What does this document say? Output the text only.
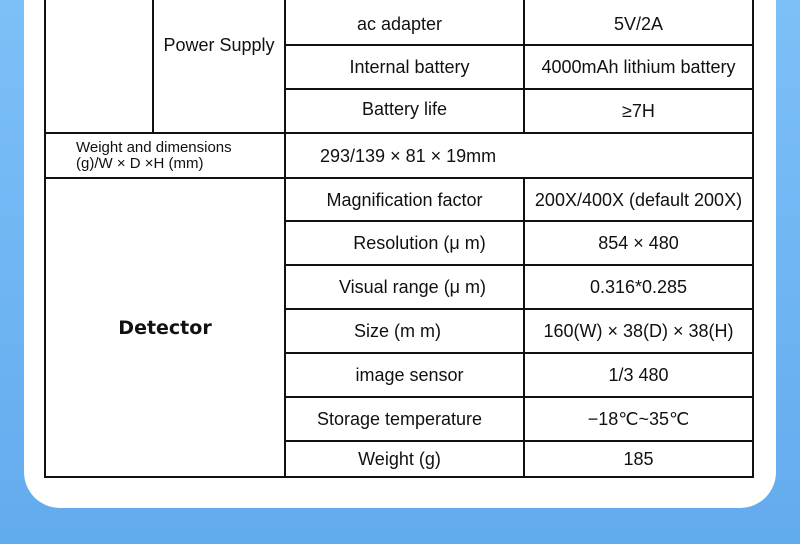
	Power Supply	ac adapter	5V/2A
		Internal battery	4000mAh lithium battery
		Battery life	≥7H
Weight and dimensions
(g)/W × D ×H (mm)		293/139 × 81 × 19mm	
Detector		Magnification factor	200X/400X (default 200X)
		Resolution (μ m)	854 × 480
		Visual range (μ m)	0.316*0.285
		Size (m m)	160(W) × 38(D) × 38(H)
		image sensor	1/3 480
		Storage temperature	−18℃~35℃
		Weight (g)	185
